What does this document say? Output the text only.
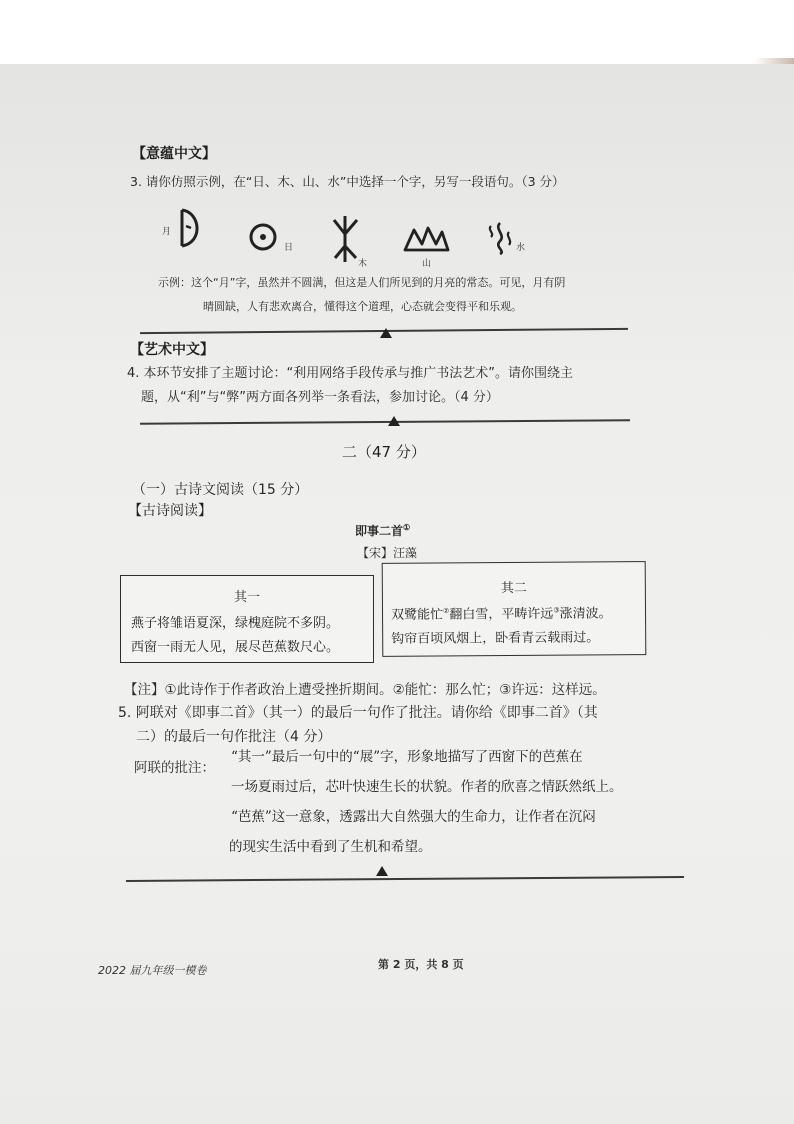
【意蕴中文】
3. 请你仿照示例，在“日、木、山、水”中选择一个字，另写一段语句。（3 分）
月
日
木	山
水
示例：这个“月”字，虽然并不圆满，但这是人们所见到的月亮的常态。可见，月有阴
晴圆缺，人有悲欢离合，懂得这个道理，心态就会变得平和乐观。
【艺术中文】
4. 本环节安排了主题讨论：“利用网络手段传承与推广书法艺术”。请你围绕主
题，从“利”与“弊”两方面各列举一条看法，参加讨论。（4 分）
二（47 分）
（一）古诗文阅读（15 分）
【古诗阅读】
即事二首①
【宋】汪藻
其一
燕子将雏语夏深，绿槐庭院不多阴。
西窗一雨无人见，展尽芭蕉数尺心。
其二
双鹭能忙②翻白雪，平畴许远③涨清波。
钩帘百顷风烟上，卧看青云载雨过。
【注】①此诗作于作者政治上遭受挫折期间。②能忙：那么忙；③许远：这样远。
5. 阿联对《即事二首》（其一）的最后一句作了批注。请你给《即事二首》（其
二）的最后一句作批注（4 分）
阿联的批注：
“其一”最后一句中的“展”字，形象地描写了西窗下的芭蕉在
一场夏雨过后，芯叶快速生长的状貌。作者的欣喜之情跃然纸上。
“芭蕉”这一意象，透露出大自然强大的生命力，让作者在沉闷
的现实生活中看到了生机和希望。
2022 届九年级一模卷	第 2 页，共 8 页
